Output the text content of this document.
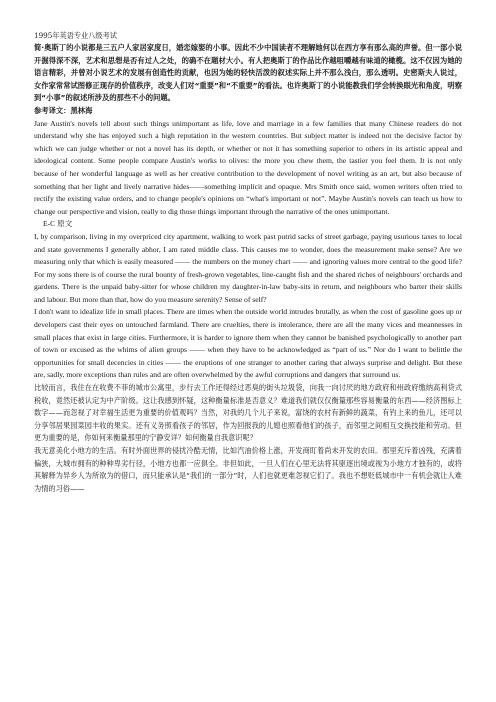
1995年英语专业八级考试

简·奥斯丁的小说都是三五户人家居家度日，婚恋嫁娶的小事。因此不少中国读者不理解她何以在西方享有那么高的声誉。但一部小说开掘得深不深，艺术和思想是否有过人之处，的确不在题材大小。有人把奥斯丁的作品比作越咀嚼越有味道的橄榄。这不仅因为她的语言精彩，并曾对小说艺术的发展有创造性的贡献，也因为她的轻快活泼的叙述实际上并不那么浅白，那么透明。史密斯夫人说过，女作家常常试图修正现存的价值秩序，改变人们对“重要”和“不重要”的看法。也许奥斯丁的小说能教我们学会转换眼光和角度，明察到“小事”的叙述所涉及的那些不小的问题。

参考译文：黑林海

Jane Austin's novels tell about such things unimportant as life, love and marriage in a few families that many Chinese readers do not understand why she has enjoyed such a high reputation in the western countries. But subject matter is indeed not the decisive factor by which we can judge whether or not a novel has its depth, or whether or not it has something superior to others in its artistic appeal and ideological content. Some people compare Austin's works to olives: the more you chew them, the tastier you feel them. It is not only because of her wonderful language as well as her creative contribution to the development of novel writing as an art, but also because of something that her light and lively narrative hides——something implicit and opaque. Mrs Smith once said, women writers often tried to rectify the existing value orders, and to change people's opinions on “what's important or not”. Maybe Austin's novels can teach us how to change our perspective and vision, really to dig those things important through the narrative of the ones unimportant.

E-C 原文

I, by comparison, living in my overpriced city apartment, walking to work past putrid sacks of street garbage, paying usurious taxes to local and state governments I generally abhor, I am rated middle class. This causes me to wonder, does the measurement make sense? Are we measuring only that which is easily measured —— the numbers on the money chart —— and ignoring values more central to the good life? For my sons there is of course the rural bounty of fresh-grown vegetables, line-caught fish and the shared riches of neighbours' orchards and gardens. There is the unpaid baby-sitter for whose children my daughter-in-law baby-sits in return, and neighbours who barter their skills and labour. But more than that, how do you measure serenity? Sense of self?

I don't want to idealize life in small places. There are times when the outside world intrudes brutally, as when the cost of gasoline goes up or developers cast their eyes on untouched farmland. There are cruelties, there is intolerance, there are all the many vices and meannesses in small places that exist in large cities. Furthermore, it is harder to ignore them when they cannot be banished psychologically to another part of town or excused as the whims of alien groups —— when they have to be acknowledged as “part of us.” Nor do I want to belittle the opportunities for small decencies in cities —— the eruptions of one stranger to another caring that always surprise and delight. But these are, sadly, more exceptions than rules and are often overwhelmed by the awful corruptions and dangers that surround us.

比较而言，我住在在收费不菲的城市公寓里，步行去工作还得经过恶臭的街头垃圾袋，向我一向讨厌的地方政府和州政府缴纳高利贷式税收，竟然还被认定为中产阶级。这让我感到怀疑，这种衡量标准是否意义？难道我们就仅仅衡量那些容易衡量的东西——经济图标上数字——而忽视了对幸福生活更为重要的价值观吗？当然，对我的几个儿子来说，富饶的农村有新鲜的蔬菜，有钓上来的鱼儿，还可以分享邻居果园菜园丰收的果实。还有义务照看孩子的邻居，作为回报我的儿媳也照看他们的孩子，而邻里之间相互交换技能和劳动。但更为重要的是，你如何来衡量那里的宁静安详？如何衡量自我意识呢？

我无意美化小地方的生活。有时外面世界的侵扰冷酷无情，比如汽油价格上涨，开发商盯着尚未开发的农田。那里充斥着凶残，充满着偏狭，大城市拥有的种种卑劣行径，小地方也都一应俱全。非但如此，一旦人们在心里无法将其驱逐出境或视为小地方才独有的，或将其解释为异乡人为所欲为的借口，而只能承认是“我们的一部分”时，人们也就更难忽视它们了。我也不想贬低城市中一有机会就让人难为情的习俗——
